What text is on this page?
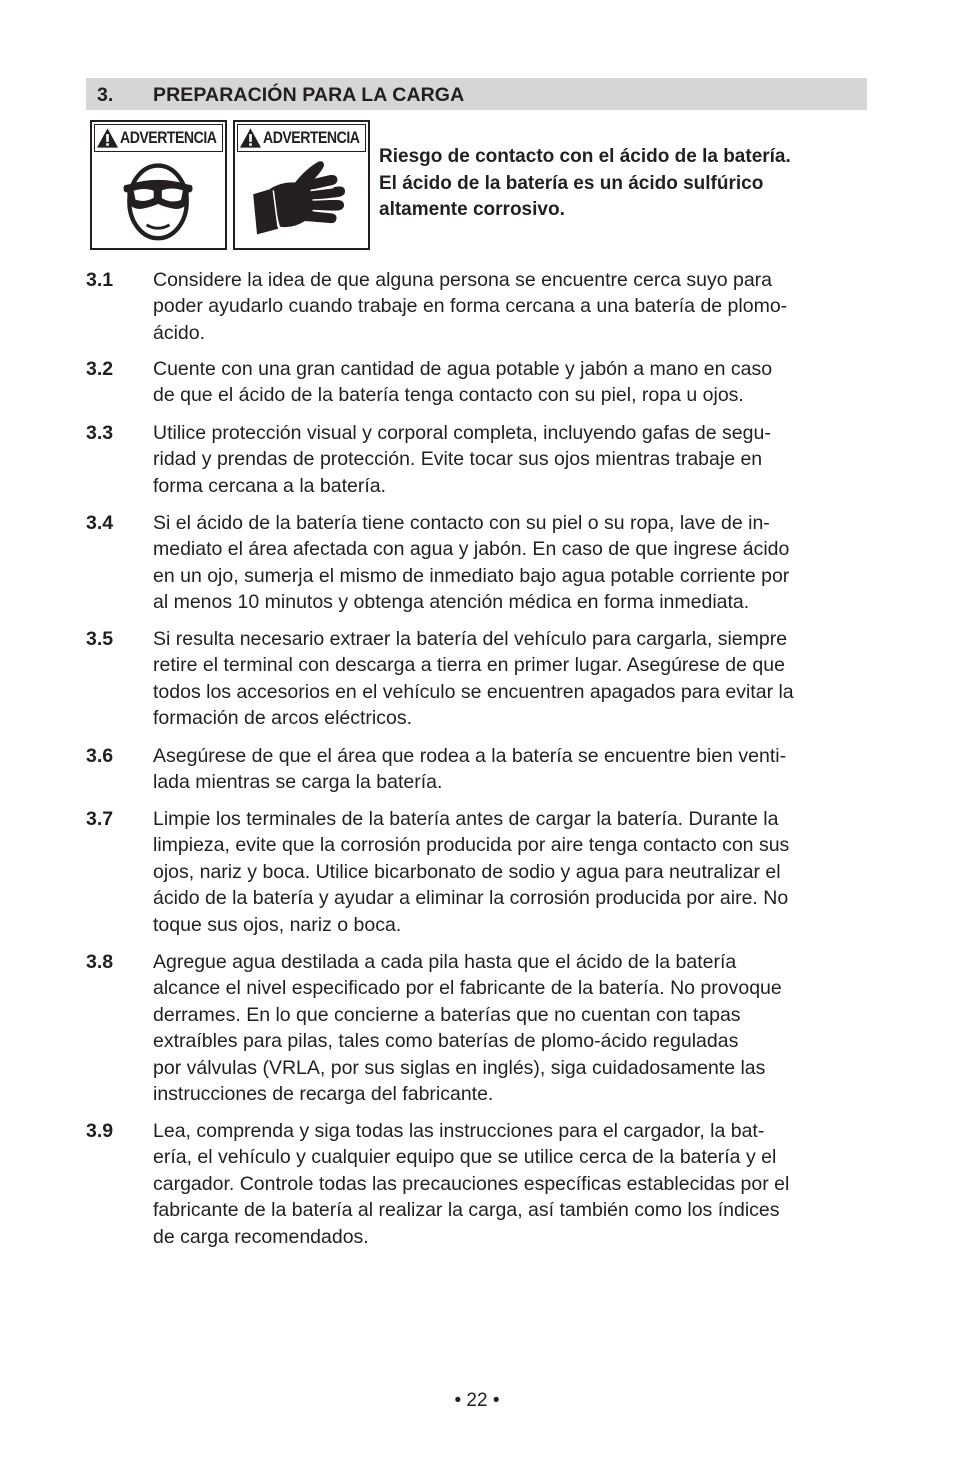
3. PREPARACIÓN PARA LA CARGA
ADVERTENCIA	ADVERTENCIA
Riesgo de contacto con el ácido de la batería.
El ácido de la batería es un ácido sulfúrico
altamente corrosivo.
3.1 Considere la idea de que alguna persona se encuentre cerca suyo para
poder ayudarlo cuando trabaje en forma cercana a una batería de plomo-
ácido.
3.2 Cuente con una gran cantidad de agua potable y jabón a mano en caso
de que el ácido de la batería tenga contacto con su piel, ropa u ojos.
3.3 Utilice protección visual y corporal completa, incluyendo gafas de segu-
ridad y prendas de protección. Evite tocar sus ojos mientras trabaje en
forma cercana a la batería.
3.4 Si el ácido de la batería tiene contacto con su piel o su ropa, lave de in-
mediato el área afectada con agua y jabón. En caso de que ingrese ácido
en un ojo, sumerja el mismo de inmediato bajo agua potable corriente por
al menos 10 minutos y obtenga atención médica en forma inmediata.
3.5 Si resulta necesario extraer la batería del vehículo para cargarla, siempre
retire el terminal con descarga a tierra en primer lugar. Asegúrese de que
todos los accesorios en el vehículo se encuentren apagados para evitar la
formación de arcos eléctricos.
3.6 Asegúrese de que el área que rodea a la batería se encuentre bien venti-
lada mientras se carga la batería.
3.7 Limpie los terminales de la batería antes de cargar la batería. Durante la
limpieza, evite que la corrosión producida por aire tenga contacto con sus
ojos, nariz y boca. Utilice bicarbonato de sodio y agua para neutralizar el
ácido de la batería y ayudar a eliminar la corrosión producida por aire. No
toque sus ojos, nariz o boca.
3.8 Agregue agua destilada a cada pila hasta que el ácido de la batería
alcance el nivel especificado por el fabricante de la batería. No provoque
derrames. En lo que concierne a baterías que no cuentan con tapas
extraíbles para pilas, tales como baterías de plomo-ácido reguladas
por válvulas (VRLA, por sus siglas en inglés), siga cuidadosamente las
instrucciones de recarga del fabricante.
3.9 Lea, comprenda y siga todas las instrucciones para el cargador, la bat-
ería, el vehículo y cualquier equipo que se utilice cerca de la batería y el
cargador. Controle todas las precauciones específicas establecidas por el
fabricante de la batería al realizar la carga, así también como los índices
de carga recomendados.
• 22 •
